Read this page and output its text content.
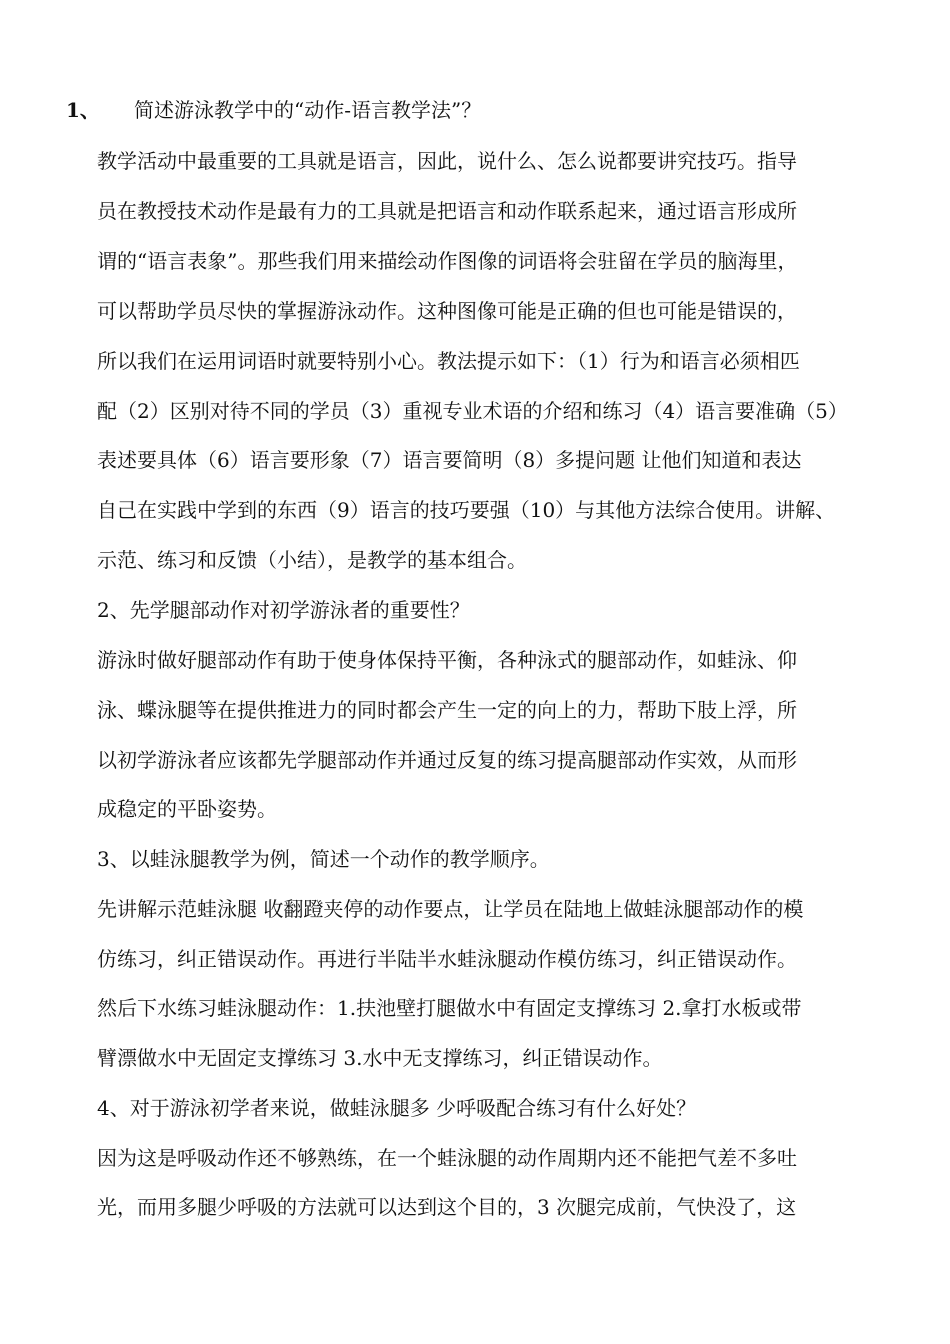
1、 简述游泳教学中的“动作-语言教学法”？
教学活动中最重要的工具就是语言，因此，说什么、怎么说都要讲究技巧。指导
员在教授技术动作是最有力的工具就是把语言和动作联系起来，通过语言形成所
谓的“语言表象”。那些我们用来描绘动作图像的词语将会驻留在学员的脑海里，
可以帮助学员尽快的掌握游泳动作。这种图像可能是正确的但也可能是错误的，
所以我们在运用词语时就要特别小心。教法提示如下：（1）行为和语言必须相匹
配（2）区别对待不同的学员（3）重视专业术语的介绍和练习（4）语言要准确（5）
表述要具体（6）语言要形象（7）语言要简明（8）多提问题 让他们知道和表达
自己在实践中学到的东西（9）语言的技巧要强（10）与其他方法综合使用。讲解、
示范、练习和反馈（小结），是教学的基本组合。
2、先学腿部动作对初学游泳者的重要性？
游泳时做好腿部动作有助于使身体保持平衡，各种泳式的腿部动作，如蛙泳、仰
泳、蝶泳腿等在提供推进力的同时都会产生一定的向上的力，帮助下肢上浮，所
以初学游泳者应该都先学腿部动作并通过反复的练习提高腿部动作实效，从而形
成稳定的平卧姿势。
3、以蛙泳腿教学为例，简述一个动作的教学顺序。
先讲解示范蛙泳腿 收翻蹬夹停的动作要点，让学员在陆地上做蛙泳腿部动作的模
仿练习，纠正错误动作。再进行半陆半水蛙泳腿动作模仿练习，纠正错误动作。
然后下水练习蛙泳腿动作：1.扶池壁打腿做水中有固定支撑练习 2.拿打水板或带
臂漂做水中无固定支撑练习 3.水中无支撑练习，纠正错误动作。
4、对于游泳初学者来说，做蛙泳腿多 少呼吸配合练习有什么好处？
因为这是呼吸动作还不够熟练，在一个蛙泳腿的动作周期内还不能把气差不多吐
光，而用多腿少呼吸的方法就可以达到这个目的，3 次腿完成前，气快没了，这
